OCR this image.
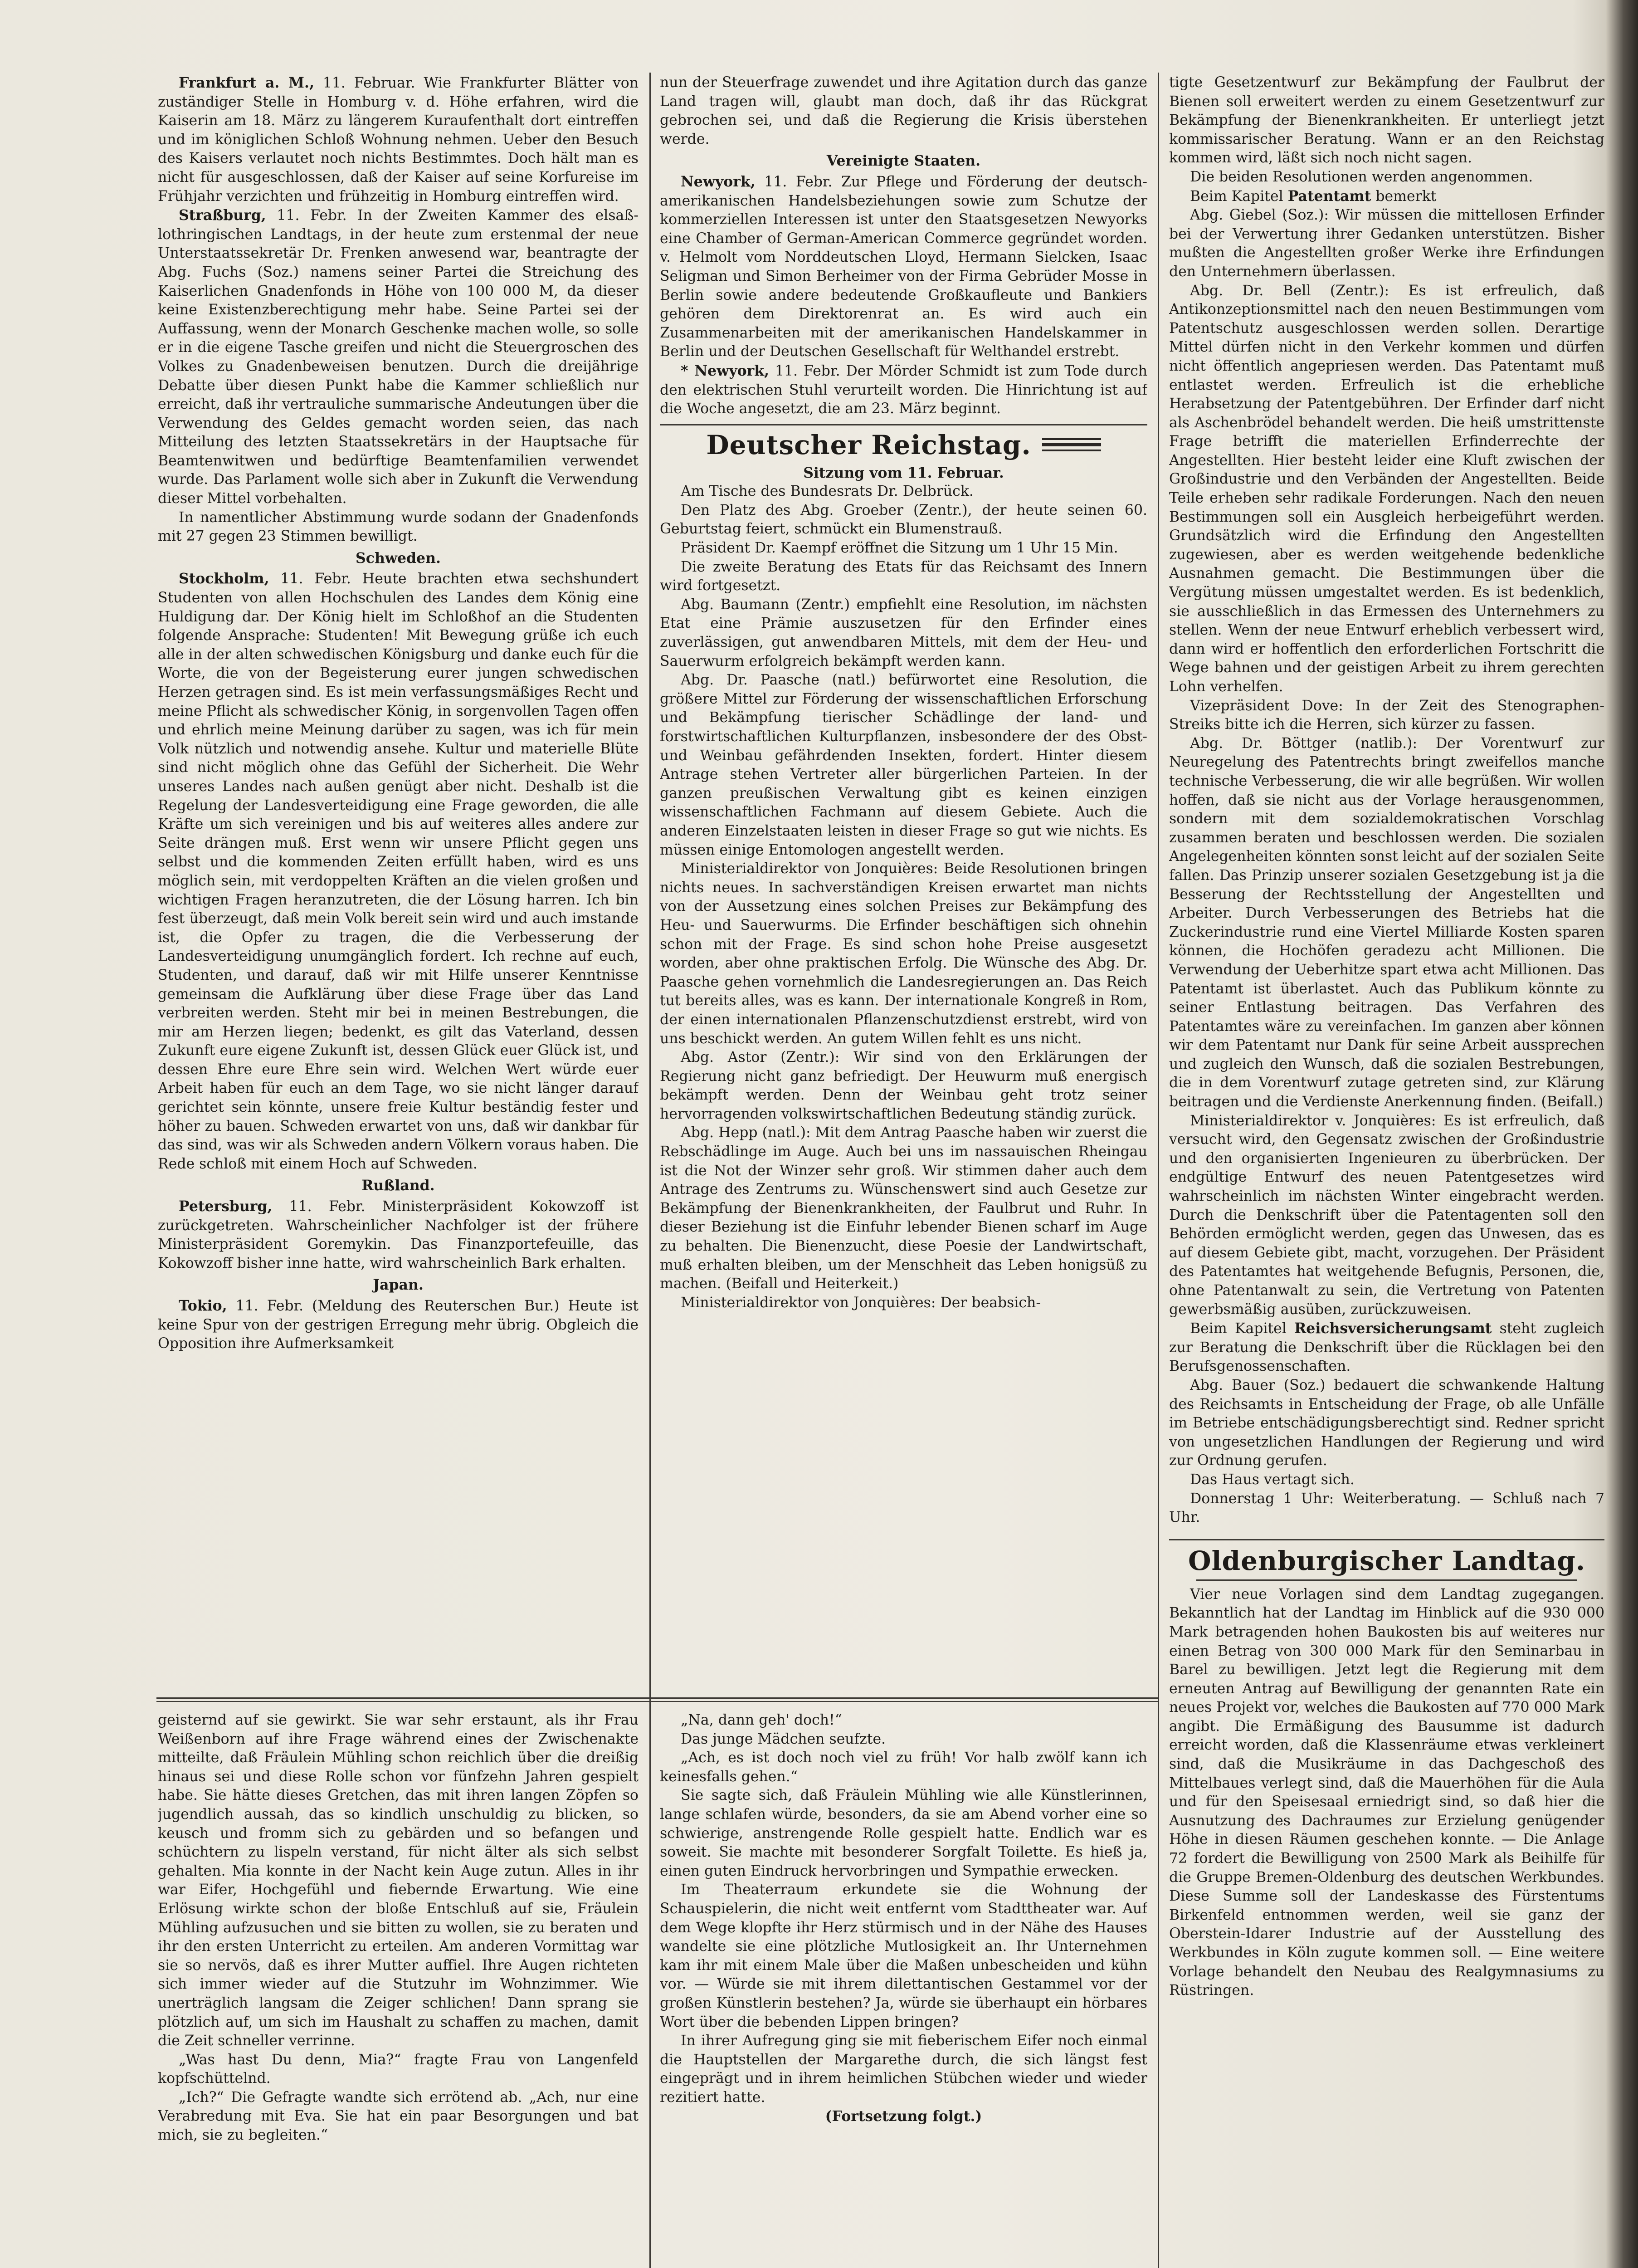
Frankfurt a. M., 11. Februar. Wie Frankfurter Blätter von zuständiger Stelle in Homburg v. d. Höhe erfahren, wird die Kaiserin am 18. März zu längerem Kuraufenthalt dort eintreffen und im königlichen Schloß Wohnung nehmen. Ueber den Besuch des Kaisers verlautet noch nichts Bestimmtes. Doch hält man es nicht für ausgeschlossen, daß der Kaiser auf seine Korfureise im Frühjahr verzichten und frühzeitig in Homburg eintreffen wird.

Straßburg, 11. Febr. In der Zweiten Kammer des elsaß-lothringischen Landtags, in der heute zum erstenmal der neue Unterstaatssekretär Dr. Frenken anwesend war, beantragte der Abg. Fuchs (Soz.) namens seiner Partei die Streichung des Kaiserlichen Gnadenfonds in Höhe von 100 000 M, da dieser keine Existenzberechtigung mehr habe. Seine Partei sei der Auffassung, wenn der Monarch Geschenke machen wolle, so solle er in die eigene Tasche greifen und nicht die Steuergroschen des Volkes zu Gnadenbeweisen benutzen. Durch die dreijährige Debatte über diesen Punkt habe die Kammer schließlich nur erreicht, daß ihr vertrauliche summarische Andeutungen über die Verwendung des Geldes gemacht worden seien, das nach Mitteilung des letzten Staatssekretärs in der Hauptsache für Beamtenwitwen und bedürftige Beamtenfamilien verwendet wurde. Das Parlament wolle sich aber in Zukunft die Verwendung dieser Mittel vorbehalten.

In namentlicher Abstimmung wurde sodann der Gnadenfonds mit 27 gegen 23 Stimmen bewilligt.

Schweden.

Stockholm, 11. Febr. Heute brachten etwa sechshundert Studenten von allen Hochschulen des Landes dem König eine Huldigung dar. Der König hielt im Schloßhof an die Studenten folgende Ansprache: Studenten! Mit Bewegung grüße ich euch alle in der alten schwedischen Königsburg und danke euch für die Worte, die von der Begeisterung eurer jungen schwedischen Herzen getragen sind. Es ist mein verfassungsmäßiges Recht und meine Pflicht als schwedischer König, in sorgenvollen Tagen offen und ehrlich meine Meinung darüber zu sagen, was ich für mein Volk nützlich und notwendig ansehe. Kultur und materielle Blüte sind nicht möglich ohne das Gefühl der Sicherheit. Die Wehr unseres Landes nach außen genügt aber nicht. Deshalb ist die Regelung der Landesverteidigung eine Frage geworden, die alle Kräfte um sich vereinigen und bis auf weiteres alles andere zur Seite drängen muß. Erst wenn wir unsere Pflicht gegen uns selbst und die kommenden Zeiten erfüllt haben, wird es uns möglich sein, mit verdoppelten Kräften an die vielen großen und wichtigen Fragen heranzutreten, die der Lösung harren. Ich bin fest überzeugt, daß mein Volk bereit sein wird und auch imstande ist, die Opfer zu tragen, die die Verbesserung der Landesverteidigung unumgänglich fordert. Ich rechne auf euch, Studenten, und darauf, daß wir mit Hilfe unserer Kenntnisse gemeinsam die Aufklärung über diese Frage über das Land verbreiten werden. Steht mir bei in meinen Bestrebungen, die mir am Herzen liegen; bedenkt, es gilt das Vaterland, dessen Zukunft eure eigene Zukunft ist, dessen Glück euer Glück ist, und dessen Ehre eure Ehre sein wird. Welchen Wert würde euer Arbeit haben für euch an dem Tage, wo sie nicht länger darauf gerichtet sein könnte, unsere freie Kultur beständig fester und höher zu bauen. Schweden erwartet von uns, daß wir dankbar für das sind, was wir als Schweden andern Völkern voraus haben. Die Rede schloß mit einem Hoch auf Schweden.

Rußland.

Petersburg, 11. Febr. Ministerpräsident Kokowzoff ist zurückgetreten. Wahrscheinlicher Nachfolger ist der frühere Ministerpräsident Goremykin. Das Finanzportefeuille, das Kokowzoff bisher inne hatte, wird wahrscheinlich Bark erhalten.

Japan.

Tokio, 11. Febr. (Meldung des Reuterschen Bur.) Heute ist keine Spur von der gestrigen Erregung mehr übrig. Obgleich die Opposition ihre Aufmerksamkeit

nun der Steuerfrage zuwendet und ihre Agitation durch das ganze Land tragen will, glaubt man doch, daß ihr das Rückgrat gebrochen sei, und daß die Regierung die Krisis überstehen werde.

Vereinigte Staaten.

Newyork, 11. Febr. Zur Pflege und Förderung der deutsch-amerikanischen Handelsbeziehungen sowie zum Schutze der kommerziellen Interessen ist unter den Staatsgesetzen Newyorks eine Chamber of German-American Commerce gegründet worden. v. Helmolt vom Norddeutschen Lloyd, Hermann Sielcken, Isaac Seligman und Simon Berheimer von der Firma Gebrüder Mosse in Berlin sowie andere bedeutende Großkaufleute und Bankiers gehören dem Direktorenrat an. Es wird auch ein Zusammenarbeiten mit der amerikanischen Handelskammer in Berlin und der Deutschen Gesellschaft für Welthandel erstrebt.

* Newyork, 11. Febr. Der Mörder Schmidt ist zum Tode durch den elektrischen Stuhl verurteilt worden. Die Hinrichtung ist auf die Woche angesetzt, die am 23. März beginnt.

Deutscher Reichstag.

Sitzung vom 11. Februar.

Am Tische des Bundesrats Dr. Delbrück.

Den Platz des Abg. Groeber (Zentr.), der heute seinen 60. Geburtstag feiert, schmückt ein Blumenstrauß.

Präsident Dr. Kaempf eröffnet die Sitzung um 1 Uhr 15 Min.

Die zweite Beratung des Etats für das Reichsamt des Innern wird fortgesetzt.

Abg. Baumann (Zentr.) empfiehlt eine Resolution, im nächsten Etat eine Prämie auszusetzen für den Erfinder eines zuverlässigen, gut anwendbaren Mittels, mit dem der Heu- und Sauerwurm erfolgreich bekämpft werden kann.

Abg. Dr. Paasche (natl.) befürwortet eine Resolution, die größere Mittel zur Förderung der wissenschaftlichen Erforschung und Bekämpfung tierischer Schädlinge der land- und forstwirtschaftlichen Kulturpflanzen, insbesondere der des Obst- und Weinbau gefährdenden Insekten, fordert. Hinter diesem Antrage stehen Vertreter aller bürgerlichen Parteien. In der ganzen preußischen Verwaltung gibt es keinen einzigen wissenschaftlichen Fachmann auf diesem Gebiete. Auch die anderen Einzelstaaten leisten in dieser Frage so gut wie nichts. Es müssen einige Entomologen angestellt werden.

Ministerialdirektor von Jonquières: Beide Resolutionen bringen nichts neues. In sachverständigen Kreisen erwartet man nichts von der Aussetzung eines solchen Preises zur Bekämpfung des Heu- und Sauerwurms. Die Erfinder beschäftigen sich ohnehin schon mit der Frage. Es sind schon hohe Preise ausgesetzt worden, aber ohne praktischen Erfolg. Die Wünsche des Abg. Dr. Paasche gehen vornehmlich die Landesregierungen an. Das Reich tut bereits alles, was es kann. Der internationale Kongreß in Rom, der einen internationalen Pflanzenschutzdienst erstrebt, wird von uns beschickt werden. An gutem Willen fehlt es uns nicht.

Abg. Astor (Zentr.): Wir sind von den Erklärungen der Regierung nicht ganz befriedigt. Der Heuwurm muß energisch bekämpft werden. Denn der Weinbau geht trotz seiner hervorragenden volkswirtschaftlichen Bedeutung ständig zurück.

Abg. Hepp (natl.): Mit dem Antrag Paasche haben wir zuerst die Rebschädlinge im Auge. Auch bei uns im nassauischen Rheingau ist die Not der Winzer sehr groß. Wir stimmen daher auch dem Antrage des Zentrums zu. Wünschenswert sind auch Gesetze zur Bekämpfung der Bienenkrankheiten, der Faulbrut und Ruhr. In dieser Beziehung ist die Einfuhr lebender Bienen scharf im Auge zu behalten. Die Bienenzucht, diese Poesie der Landwirtschaft, muß erhalten bleiben, um der Menschheit das Leben honigsüß zu machen. (Beifall und Heiterkeit.)

Ministerialdirektor von Jonquières: Der beabsich-

tigte Gesetzentwurf zur Bekämpfung der Faulbrut der Bienen soll erweitert werden zu einem Gesetzentwurf zur Bekämpfung der Bienenkrankheiten. Er unterliegt jetzt kommissarischer Beratung. Wann er an den Reichstag kommen wird, läßt sich noch nicht sagen.

Die beiden Resolutionen werden angenommen.

Beim Kapitel Patentamt bemerkt

Abg. Giebel (Soz.): Wir müssen die mittellosen Erfinder bei der Verwertung ihrer Gedanken unterstützen. Bisher mußten die Angestellten großer Werke ihre Erfindungen den Unternehmern überlassen.

Abg. Dr. Bell (Zentr.): Es ist erfreulich, daß Antikonzeptionsmittel nach den neuen Bestimmungen vom Patentschutz ausgeschlossen werden sollen. Derartige Mittel dürfen nicht in den Verkehr kommen und dürfen nicht öffentlich angepriesen werden. Das Patentamt muß entlastet werden. Erfreulich ist die erhebliche Herabsetzung der Patentgebühren. Der Erfinder darf nicht als Aschenbrödel behandelt werden. Die heiß umstrittenste Frage betrifft die materiellen Erfinderrechte der Angestellten. Hier besteht leider eine Kluft zwischen der Großindustrie und den Verbänden der Angestellten. Beide Teile erheben sehr radikale Forderungen. Nach den neuen Bestimmungen soll ein Ausgleich herbeigeführt werden. Grundsätzlich wird die Erfindung den Angestellten zugewiesen, aber es werden weitgehende bedenkliche Ausnahmen gemacht. Die Bestimmungen über die Vergütung müssen umgestaltet werden. Es ist bedenklich, sie ausschließlich in das Ermessen des Unternehmers zu stellen. Wenn der neue Entwurf erheblich verbessert wird, dann wird er hoffentlich den erforderlichen Fortschritt die Wege bahnen und der geistigen Arbeit zu ihrem gerechten Lohn verhelfen.

Vizepräsident Dove: In der Zeit des Stenographen-Streiks bitte ich die Herren, sich kürzer zu fassen.

Abg. Dr. Böttger (natlib.): Der Vorentwurf zur Neuregelung des Patentrechts bringt zweifellos manche technische Verbesserung, die wir alle begrüßen. Wir wollen hoffen, daß sie nicht aus der Vorlage herausgenommen, sondern mit dem sozialdemokratischen Vorschlag zusammen beraten und beschlossen werden. Die sozialen Angelegenheiten könnten sonst leicht auf der sozialen Seite fallen. Das Prinzip unserer sozialen Gesetzgebung ist ja die Besserung der Rechtsstellung der Angestellten und Arbeiter. Durch Verbesserungen des Betriebs hat die Zuckerindustrie rund eine Viertel Milliarde Kosten sparen können, die Hochöfen geradezu acht Millionen. Die Verwendung der Ueberhitze spart etwa acht Millionen. Das Patentamt ist überlastet. Auch das Publikum könnte zu seiner Entlastung beitragen. Das Verfahren des Patentamtes wäre zu vereinfachen. Im ganzen aber können wir dem Patentamt nur Dank für seine Arbeit aussprechen und zugleich den Wunsch, daß die sozialen Bestrebungen, die in dem Vorentwurf zutage getreten sind, zur Klärung beitragen und die Verdienste Anerkennung finden. (Beifall.)

Ministerialdirektor v. Jonquières: Es ist erfreulich, daß versucht wird, den Gegensatz zwischen der Großindustrie und den organisierten Ingenieuren zu überbrücken. Der endgültige Entwurf des neuen Patentgesetzes wird wahrscheinlich im nächsten Winter eingebracht werden. Durch die Denkschrift über die Patentagenten soll den Behörden ermöglicht werden, gegen das Unwesen, das es auf diesem Gebiete gibt, macht, vorzugehen. Der Präsident des Patentamtes hat weitgehende Befugnis, Personen, die, ohne Patentanwalt zu sein, die Vertretung von Patenten gewerbsmäßig ausüben, zurückzuweisen.

Beim Kapitel Reichsversicherungsamt steht zugleich zur Beratung die Denkschrift über die Rücklagen bei den Berufsgenossenschaften.

Abg. Bauer (Soz.) bedauert die schwankende Haltung des Reichsamts in Entscheidung der Frage, ob alle Unfälle im Betriebe entschädigungsberechtigt sind. Redner spricht von ungesetzlichen Handlungen der Regierung und wird zur Ordnung gerufen.

Das Haus vertagt sich.

Donnerstag 1 Uhr: Weiterberatung. — Schluß nach 7 Uhr.

Oldenburgischer Landtag.

Vier neue Vorlagen sind dem Landtag zugegangen. Bekanntlich hat der Landtag im Hinblick auf die 930 000 Mark betragenden hohen Baukosten bis auf weiteres nur einen Betrag von 300 000 Mark für den Seminarbau in Barel zu bewilligen. Jetzt legt die Regierung mit dem erneuten Antrag auf Bewilligung der genannten Rate ein neues Projekt vor, welches die Baukosten auf 770 000 Mark angibt. Die Ermäßigung des Bausumme ist dadurch erreicht worden, daß die Klassenräume etwas verkleinert sind, daß die Musikräume in das Dachgeschoß des Mittelbaues verlegt sind, daß die Mauerhöhen für die Aula und für den Speisesaal erniedrigt sind, so daß hier die Ausnutzung des Dachraumes zur Erzielung genügender Höhe in diesen Räumen geschehen konnte. — Die Anlage 72 fordert die Bewilligung von 2500 Mark als Beihilfe für die Gruppe Bremen-Oldenburg des deutschen Werkbundes. Diese Summe soll der Landeskasse des Fürstentums Birkenfeld entnommen werden, weil sie ganz der Oberstein-Idarer Industrie auf der Ausstellung des Werkbundes in Köln zugute kommen soll. — Eine weitere Vorlage behandelt den Neubau des Realgymnasiums zu Rüstringen.

geisternd auf sie gewirkt. Sie war sehr erstaunt, als ihr Frau Weißenborn auf ihre Frage während eines der Zwischenakte mitteilte, daß Fräulein Mühling schon reichlich über die dreißig hinaus sei und diese Rolle schon vor fünfzehn Jahren gespielt habe. Sie hätte dieses Gretchen, das mit ihren langen Zöpfen so jugendlich aussah, das so kindlich unschuldig zu blicken, so keusch und fromm sich zu gebärden und so befangen und schüchtern zu lispeln verstand, für nicht älter als sich selbst gehalten. Mia konnte in der Nacht kein Auge zutun. Alles in ihr war Eifer, Hochgefühl und fiebernde Erwartung. Wie eine Erlösung wirkte schon der bloße Entschluß auf sie, Fräulein Mühling aufzusuchen und sie bitten zu wollen, sie zu beraten und ihr den ersten Unterricht zu erteilen. Am anderen Vormittag war sie so nervös, daß es ihrer Mutter auffiel. Ihre Augen richteten sich immer wieder auf die Stutzuhr im Wohnzimmer. Wie unerträglich langsam die Zeiger schlichen! Dann sprang sie plötzlich auf, um sich im Haushalt zu schaffen zu machen, damit die Zeit schneller verrinne.

„Was hast Du denn, Mia?“ fragte Frau von Langenfeld kopfschüttelnd.

„Ich?“ Die Gefragte wandte sich errötend ab. „Ach, nur eine Verabredung mit Eva. Sie hat ein paar Besorgungen und bat mich, sie zu begleiten.“

„Na, dann geh' doch!“

Das junge Mädchen seufzte.

„Ach, es ist doch noch viel zu früh! Vor halb zwölf kann ich keinesfalls gehen.“

Sie sagte sich, daß Fräulein Mühling wie alle Künstlerinnen, lange schlafen würde, besonders, da sie am Abend vorher eine so schwierige, anstrengende Rolle gespielt hatte. Endlich war es soweit. Sie machte mit besonderer Sorgfalt Toilette. Es hieß ja, einen guten Eindruck hervorbringen und Sympathie erwecken.

Im Theaterraum erkundete sie die Wohnung der Schauspielerin, die nicht weit entfernt vom Stadttheater war. Auf dem Wege klopfte ihr Herz stürmisch und in der Nähe des Hauses wandelte sie eine plötzliche Mutlosigkeit an. Ihr Unternehmen kam ihr mit einem Male über die Maßen unbescheiden und kühn vor. — Würde sie mit ihrem dilettantischen Gestammel vor der großen Künstlerin bestehen? Ja, würde sie überhaupt ein hörbares Wort über die bebenden Lippen bringen?

In ihrer Aufregung ging sie mit fieberischem Eifer noch einmal die Hauptstellen der Margarethe durch, die sich längst fest eingeprägt und in ihrem heimlichen Stübchen wieder und wieder rezitiert hatte.

(Fortsetzung folgt.)
